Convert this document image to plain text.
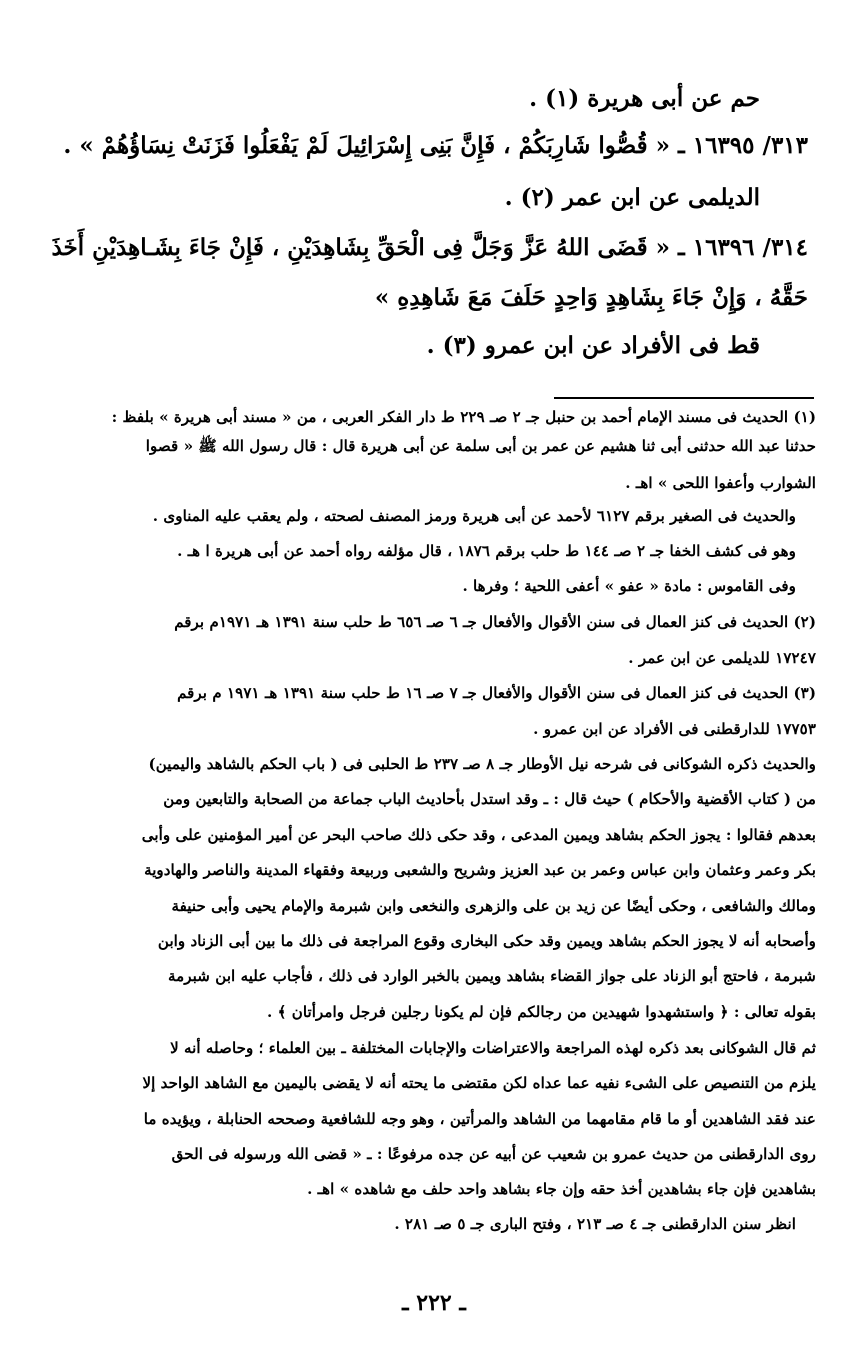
حم عن أبى هريرة (١) .
٣١٣/ ١٦٣٩٥ ـ « قُصُّوا شَارِبَكُمْ ، فَإِنَّ بَنِى إِسْرَائِيلَ لَمْ يَفْعَلُوا فَزَنَتْ نِسَاؤُهُمْ » .
الديلمى عن ابن عمر (٢) .
٣١٤/ ١٦٣٩٦ ـ « قَضَى اللهُ عَزَّ وَجَلَّ فِى الْحَقِّ بِشَاهِدَيْنِ ، فَإِنْ جَاءَ بِشَـاهِدَيْنِ أَخَذَ
حَقَّهُ ، وَإِنْ جَاءَ بِشَاهِدٍ وَاحِدٍ حَلَفَ مَعَ شَاهِدِهِ »
قط فى الأفراد عن ابن عمرو (٣) .
(١) الحديث فى مسند الإمام أحمد بن حنبل جـ ٢ صـ ٢٢٩ ط دار الفكر العربى ، من « مسند أبى هريرة » بلفظ :
حدثنا عبد الله حدثنى أبى ثنا هشيم عن عمر بن أبى سلمة عن أبى هريرة قال : قال رسول الله ﷺ « قصوا
الشوارب وأعفوا اللحى » اهـ .
والحديث فى الصغير برقم ٦١٢٧ لأحمد عن أبى هريرة ورمز المصنف لصحته ، ولم يعقب عليه المناوى .
وهو فى كشف الخفا جـ ٢ صـ ١٤٤ ط حلب برقم ١٨٧٦ ، قال مؤلفه رواه أحمد عن أبى هريرة ا هـ .
وفى القاموس : مادة « عفو » أعفى اللحية ؛ وفرها .
(٢) الحديث فى كنز العمال فى سنن الأقوال والأفعال جـ ٦ صـ ٦٥٦ ط حلب سنة ١٣٩١ هـ ١٩٧١م برقم
١٧٢٤٧ للديلمى عن ابن عمر .
(٣) الحديث فى كنز العمال فى سنن الأقوال والأفعال جـ ٧ صـ ١٦ ط حلب سنة ١٣٩١ هـ ١٩٧١ م برقم
١٧٧٥٣ للدارقطنى فى الأفراد عن ابن عمرو .
والحديث ذكره الشوكانى فى شرحه نيل الأوطار جـ ٨ صـ ٢٣٧ ط الحلبى فى ( باب الحكم بالشاهد واليمين)
من ( كتاب الأقضية والأحكام ) حيث قال : ـ وقد استدل بأحاديث الباب جماعة من الصحابة والتابعين ومن
بعدهم فقالوا : يجوز الحكم بشاهد ويمين المدعى ، وقد حكى ذلك صاحب البحر عن أمير المؤمنين على وأبى
بكر وعمر وعثمان وابن عباس وعمر بن عبد العزيز وشريح والشعبى وربيعة وفقهاء المدينة والناصر والهادوية
ومالك والشافعى ، وحكى أيضًا عن زيد بن على والزهرى والنخعى وابن شبرمة والإمام يحيى وأبى حنيفة
وأصحابه أنه لا يجوز الحكم بشاهد ويمين وقد حكى البخارى وقوع المراجعة فى ذلك ما بين أبى الزناد وابن
شبرمة ، فاحتج أبو الزناد على جواز القضاء بشاهد ويمين بالخبر الوارد فى ذلك ، فأجاب عليه ابن شبرمة
بقوله تعالى : ﴿ واستشهدوا شهيدين من رجالكم فإن لم يكونا رجلين فرجل وامرأتان ﴾ .
ثم قال الشوكانى بعد ذكره لهذه المراجعة والاعتراضات والإجابات المختلفة ـ بين العلماء ؛ وحاصله أنه لا
يلزم من التنصيص على الشىء نفيه عما عداه لكن مقتضى ما يحته أنه لا يقضى باليمين مع الشاهد الواحد إلا
عند فقد الشاهدين أو ما قام مقامهما من الشاهد والمرأتين ، وهو وجه للشافعية وصححه الحنابلة ، ويؤيده ما
روى الدارقطنى من حديث عمرو بن شعيب عن أبيه عن جده مرفوعًا : ـ « قضى الله ورسوله فى الحق
بشاهدين فإن جاء بشاهدين أخذ حقه وإن جاء بشاهد واحد حلف مع شاهده » اهـ .
انظر سنن الدارقطنى جـ ٤ صـ ٢١٣ ، وفتح البارى جـ ٥ صـ ٢٨١ .
ـ ٢٢٢ ـ
